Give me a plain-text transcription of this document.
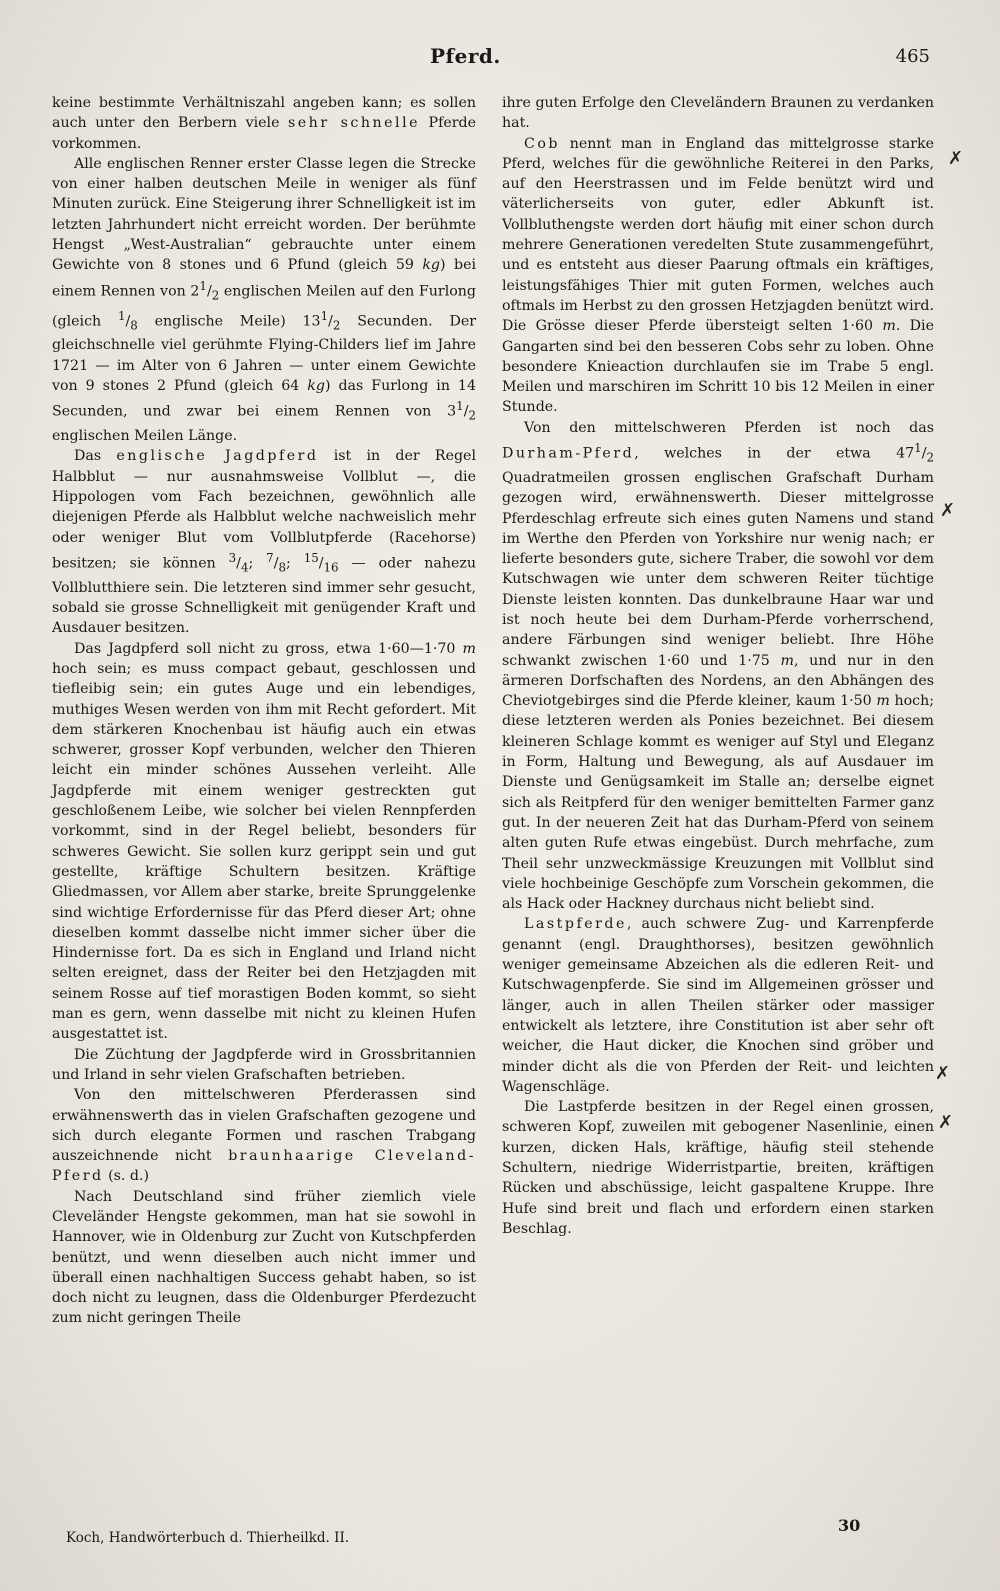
Pferd.	465

keine bestimmte Verhältniszahl angeben kann; es sollen auch unter den Berbern viele sehr schnelle Pferde vorkommen.

Alle englischen Renner erster Classe legen die Strecke von einer halben deutschen Meile in weniger als fünf Minuten zurück. Eine Steigerung ihrer Schnelligkeit ist im letzten Jahrhundert nicht erreicht worden. Der berühmte Hengst „West-Australian“ gebrauchte unter einem Gewichte von 8 stones und 6 Pfund (gleich 59 kg) bei einem Rennen von $2^1/_2$ englischen Meilen auf den Furlong (gleich $^1/_8$ englische Meile) $13^1/_2$ Secunden. Der gleichschnelle viel gerühmte Flying-Childers lief im Jahre 1721 — im Alter von 6 Jahren — unter einem Gewichte von 9 stones 2 Pfund (gleich 64 kg) das Furlong in 14 Secunden, und zwar bei einem Rennen von $3^1/_2$ englischen Meilen Länge.

Das englische Jagdpferd ist in der Regel Halbblut — nur ausnahmsweise Vollblut —, die Hippologen vom Fach bezeichnen, gewöhnlich alle diejenigen Pferde als Halbblut welche nachweislich mehr oder weniger Blut vom Vollblutpferde (Racehorse) besitzen; sie können $^3/_4$; $^7/_8$; $^{15}/_{16}$ — oder nahezu Vollblutthiere sein. Die letzteren sind immer sehr gesucht, sobald sie grosse Schnelligkeit mit genügender Kraft und Ausdauer besitzen.

Das Jagdpferd soll nicht zu gross, etwa 1·60—1·70 m hoch sein; es muss compact gebaut, geschlossen und tiefleibig sein; ein gutes Auge und ein lebendiges, muthiges Wesen werden von ihm mit Recht gefordert. Mit dem stärkeren Knochenbau ist häufig auch ein etwas schwerer, grosser Kopf verbunden, welcher den Thieren leicht ein minder schönes Aussehen verleiht. Alle Jagdpferde mit einem weniger gestreckten gut geschloßenem Leibe, wie solcher bei vielen Rennpferden vorkommt, sind in der Regel beliebt, besonders für schweres Gewicht. Sie sollen kurz gerippt sein und gut gestellte, kräftige Schultern besitzen. Kräftige Gliedmassen, vor Allem aber starke, breite Sprunggelenke sind wichtige Erfordernisse für das Pferd dieser Art; ohne dieselben kommt dasselbe nicht immer sicher über die Hindernisse fort. Da es sich in England und Irland nicht selten ereignet, dass der Reiter bei den Hetzjagden mit seinem Rosse auf tief morastigen Boden kommt, so sieht man es gern, wenn dasselbe mit nicht zu kleinen Hufen ausgestattet ist.

Die Züchtung der Jagdpferde wird in Grossbritannien und Irland in sehr vielen Grafschaften betrieben.

Von den mittelschweren Pferderassen sind erwähnenswerth das in vielen Grafschaften gezogene und sich durch elegante Formen und raschen Trabgang auszeichnende nicht braunhaarige Cleveland-Pferd (s. d.)

Nach Deutschland sind früher ziemlich viele Cleveländer Hengste gekommen, man hat sie sowohl in Hannover, wie in Oldenburg zur Zucht von Kutschpferden benützt, und wenn dieselben auch nicht immer und überall einen nachhaltigen Success gehabt haben, so ist doch nicht zu leugnen, dass die Oldenburger Pferdezucht zum nicht geringen Theile

ihre guten Erfolge den Cleveländern Braunen zu verdanken hat.

Cob nennt man in England das mittelgrosse starke Pferd, welches für die gewöhnliche Reiterei in den Parks, auf den Heerstrassen und im Felde benützt wird und väterlicherseits von guter, edler Abkunft ist. Vollbluthengste werden dort häufig mit einer schon durch mehrere Generationen veredelten Stute zusammengeführt, und es entsteht aus dieser Paarung oftmals ein kräftiges, leistungsfähiges Thier mit guten Formen, welches auch oftmals im Herbst zu den grossen Hetzjagden benützt wird. Die Grösse dieser Pferde übersteigt selten 1·60 m. Die Gangarten sind bei den besseren Cobs sehr zu loben. Ohne besondere Knieaction durchlaufen sie im Trabe 5 engl. Meilen und marschiren im Schritt 10 bis 12 Meilen in einer Stunde.

Von den mittelschweren Pferden ist noch das Durham-Pferd, welches in der etwa $47^1/_2$ Quadratmeilen grossen englischen Grafschaft Durham gezogen wird, erwähnenswerth. Dieser mittelgrosse Pferdeschlag erfreute sich eines guten Namens und stand im Werthe den Pferden von Yorkshire nur wenig nach; er lieferte besonders gute, sichere Traber, die sowohl vor dem Kutschwagen wie unter dem schweren Reiter tüchtige Dienste leisten konnten. Das dunkelbraune Haar war und ist noch heute bei dem Durham-Pferde vorherrschend, andere Färbungen sind weniger beliebt. Ihre Höhe schwankt zwischen 1·60 und 1·75 m, und nur in den ärmeren Dorfschaften des Nordens, an den Abhängen des Cheviotgebirges sind die Pferde kleiner, kaum 1·50 m hoch; diese letzteren werden als Ponies bezeichnet. Bei diesem kleineren Schlage kommt es weniger auf Styl und Eleganz in Form, Haltung und Bewegung, als auf Ausdauer im Dienste und Genügsamkeit im Stalle an; derselbe eignet sich als Reitpferd für den weniger bemittelten Farmer ganz gut. In der neueren Zeit hat das Durham-Pferd von seinem alten guten Rufe etwas eingebüst. Durch mehrfache, zum Theil sehr unzweckmässige Kreuzungen mit Vollblut sind viele hochbeinige Geschöpfe zum Vorschein gekommen, die als Hack oder Hackney durchaus nicht beliebt sind.

Lastpferde, auch schwere Zug- und Karrenpferde genannt (engl. Draughthorses), besitzen gewöhnlich weniger gemeinsame Abzeichen als die edleren Reit- und Kutschwagenpferde. Sie sind im Allgemeinen grösser und länger, auch in allen Theilen stärker oder massiger entwickelt als letztere, ihre Constitution ist aber sehr oft weicher, die Haut dicker, die Knochen sind gröber und minder dicht als die von Pferden der Reit- und leichten Wagenschläge.

Die Lastpferde besitzen in der Regel einen grossen, schweren Kopf, zuweilen mit gebogener Nasenlinie, einen kurzen, dicken Hals, kräftige, häufig steil stehende Schultern, niedrige Widerristpartie, breiten, kräftigen Rücken und abschüssige, leicht gaspaltene Kruppe. Ihre Hufe sind breit und flach und erfordern einen starken Beschlag.

✗
✗
✗
✗
Koch, Handwörterbuch d. Thierheilkd. II.
30
